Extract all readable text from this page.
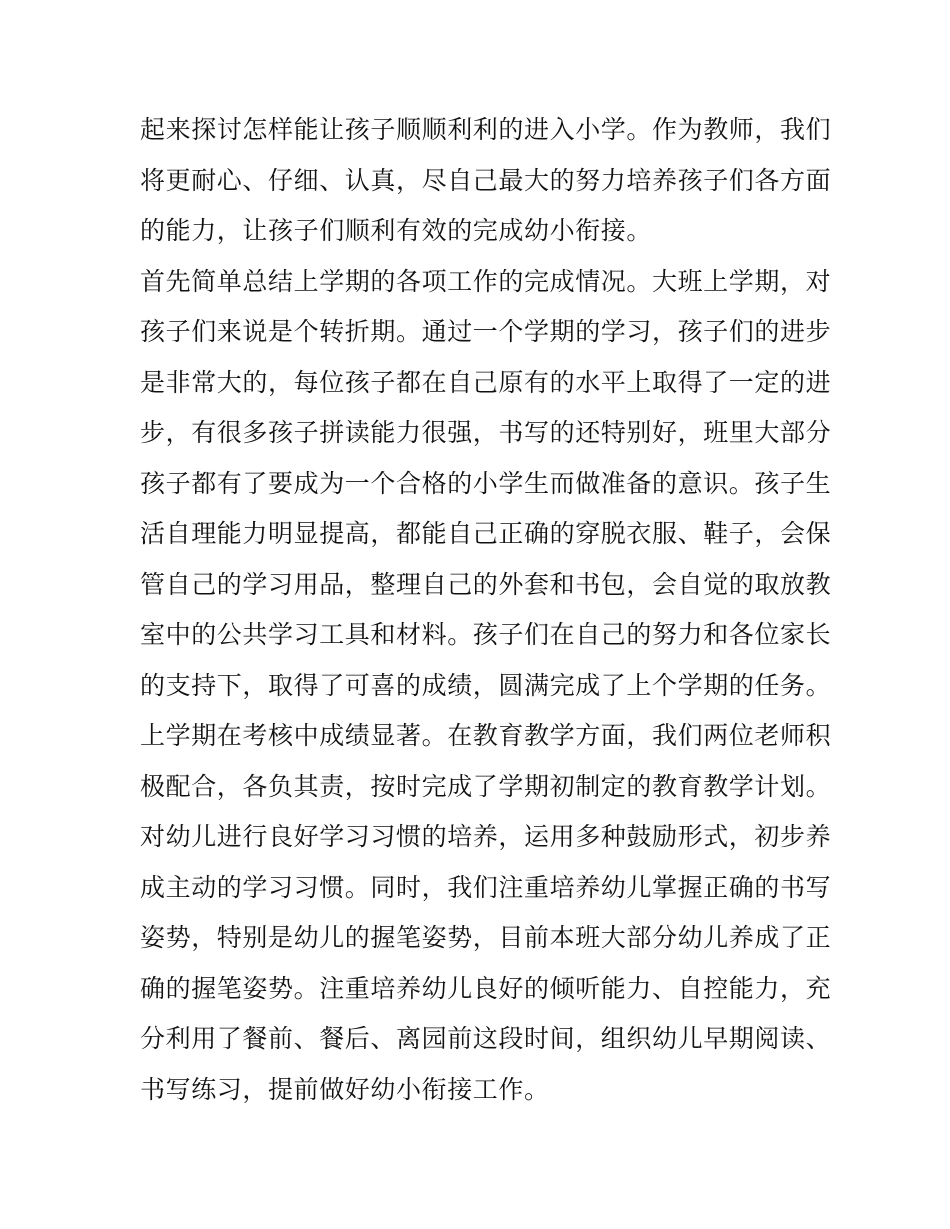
起来探讨怎样能让孩子顺顺利利的进入小学。作为教师，我们
将更耐心、仔细、认真，尽自己最大的努力培养孩子们各方面
的能力，让孩子们顺利有效的完成幼小衔接。
首先简单总结上学期的各项工作的完成情况。大班上学期，对
孩子们来说是个转折期。通过一个学期的学习，孩子们的进步
是非常大的，每位孩子都在自己原有的水平上取得了一定的进
步，有很多孩子拼读能力很强，书写的还特别好，班里大部分
孩子都有了要成为一个合格的小学生而做准备的意识。孩子生
活自理能力明显提高，都能自己正确的穿脱衣服、鞋子，会保
管自己的学习用品，整理自己的外套和书包，会自觉的取放教
室中的公共学习工具和材料。孩子们在自己的努力和各位家长
的支持下，取得了可喜的成绩，圆满完成了上个学期的任务。
上学期在考核中成绩显著。在教育教学方面，我们两位老师积
极配合，各负其责，按时完成了学期初制定的教育教学计划。
对幼儿进行良好学习习惯的培养，运用多种鼓励形式，初步养
成主动的学习习惯。同时，我们注重培养幼儿掌握正确的书写
姿势，特别是幼儿的握笔姿势，目前本班大部分幼儿养成了正
确的握笔姿势。注重培养幼儿良好的倾听能力、自控能力，充
分利用了餐前、餐后、离园前这段时间，组织幼儿早期阅读、
书写练习，提前做好幼小衔接工作。
